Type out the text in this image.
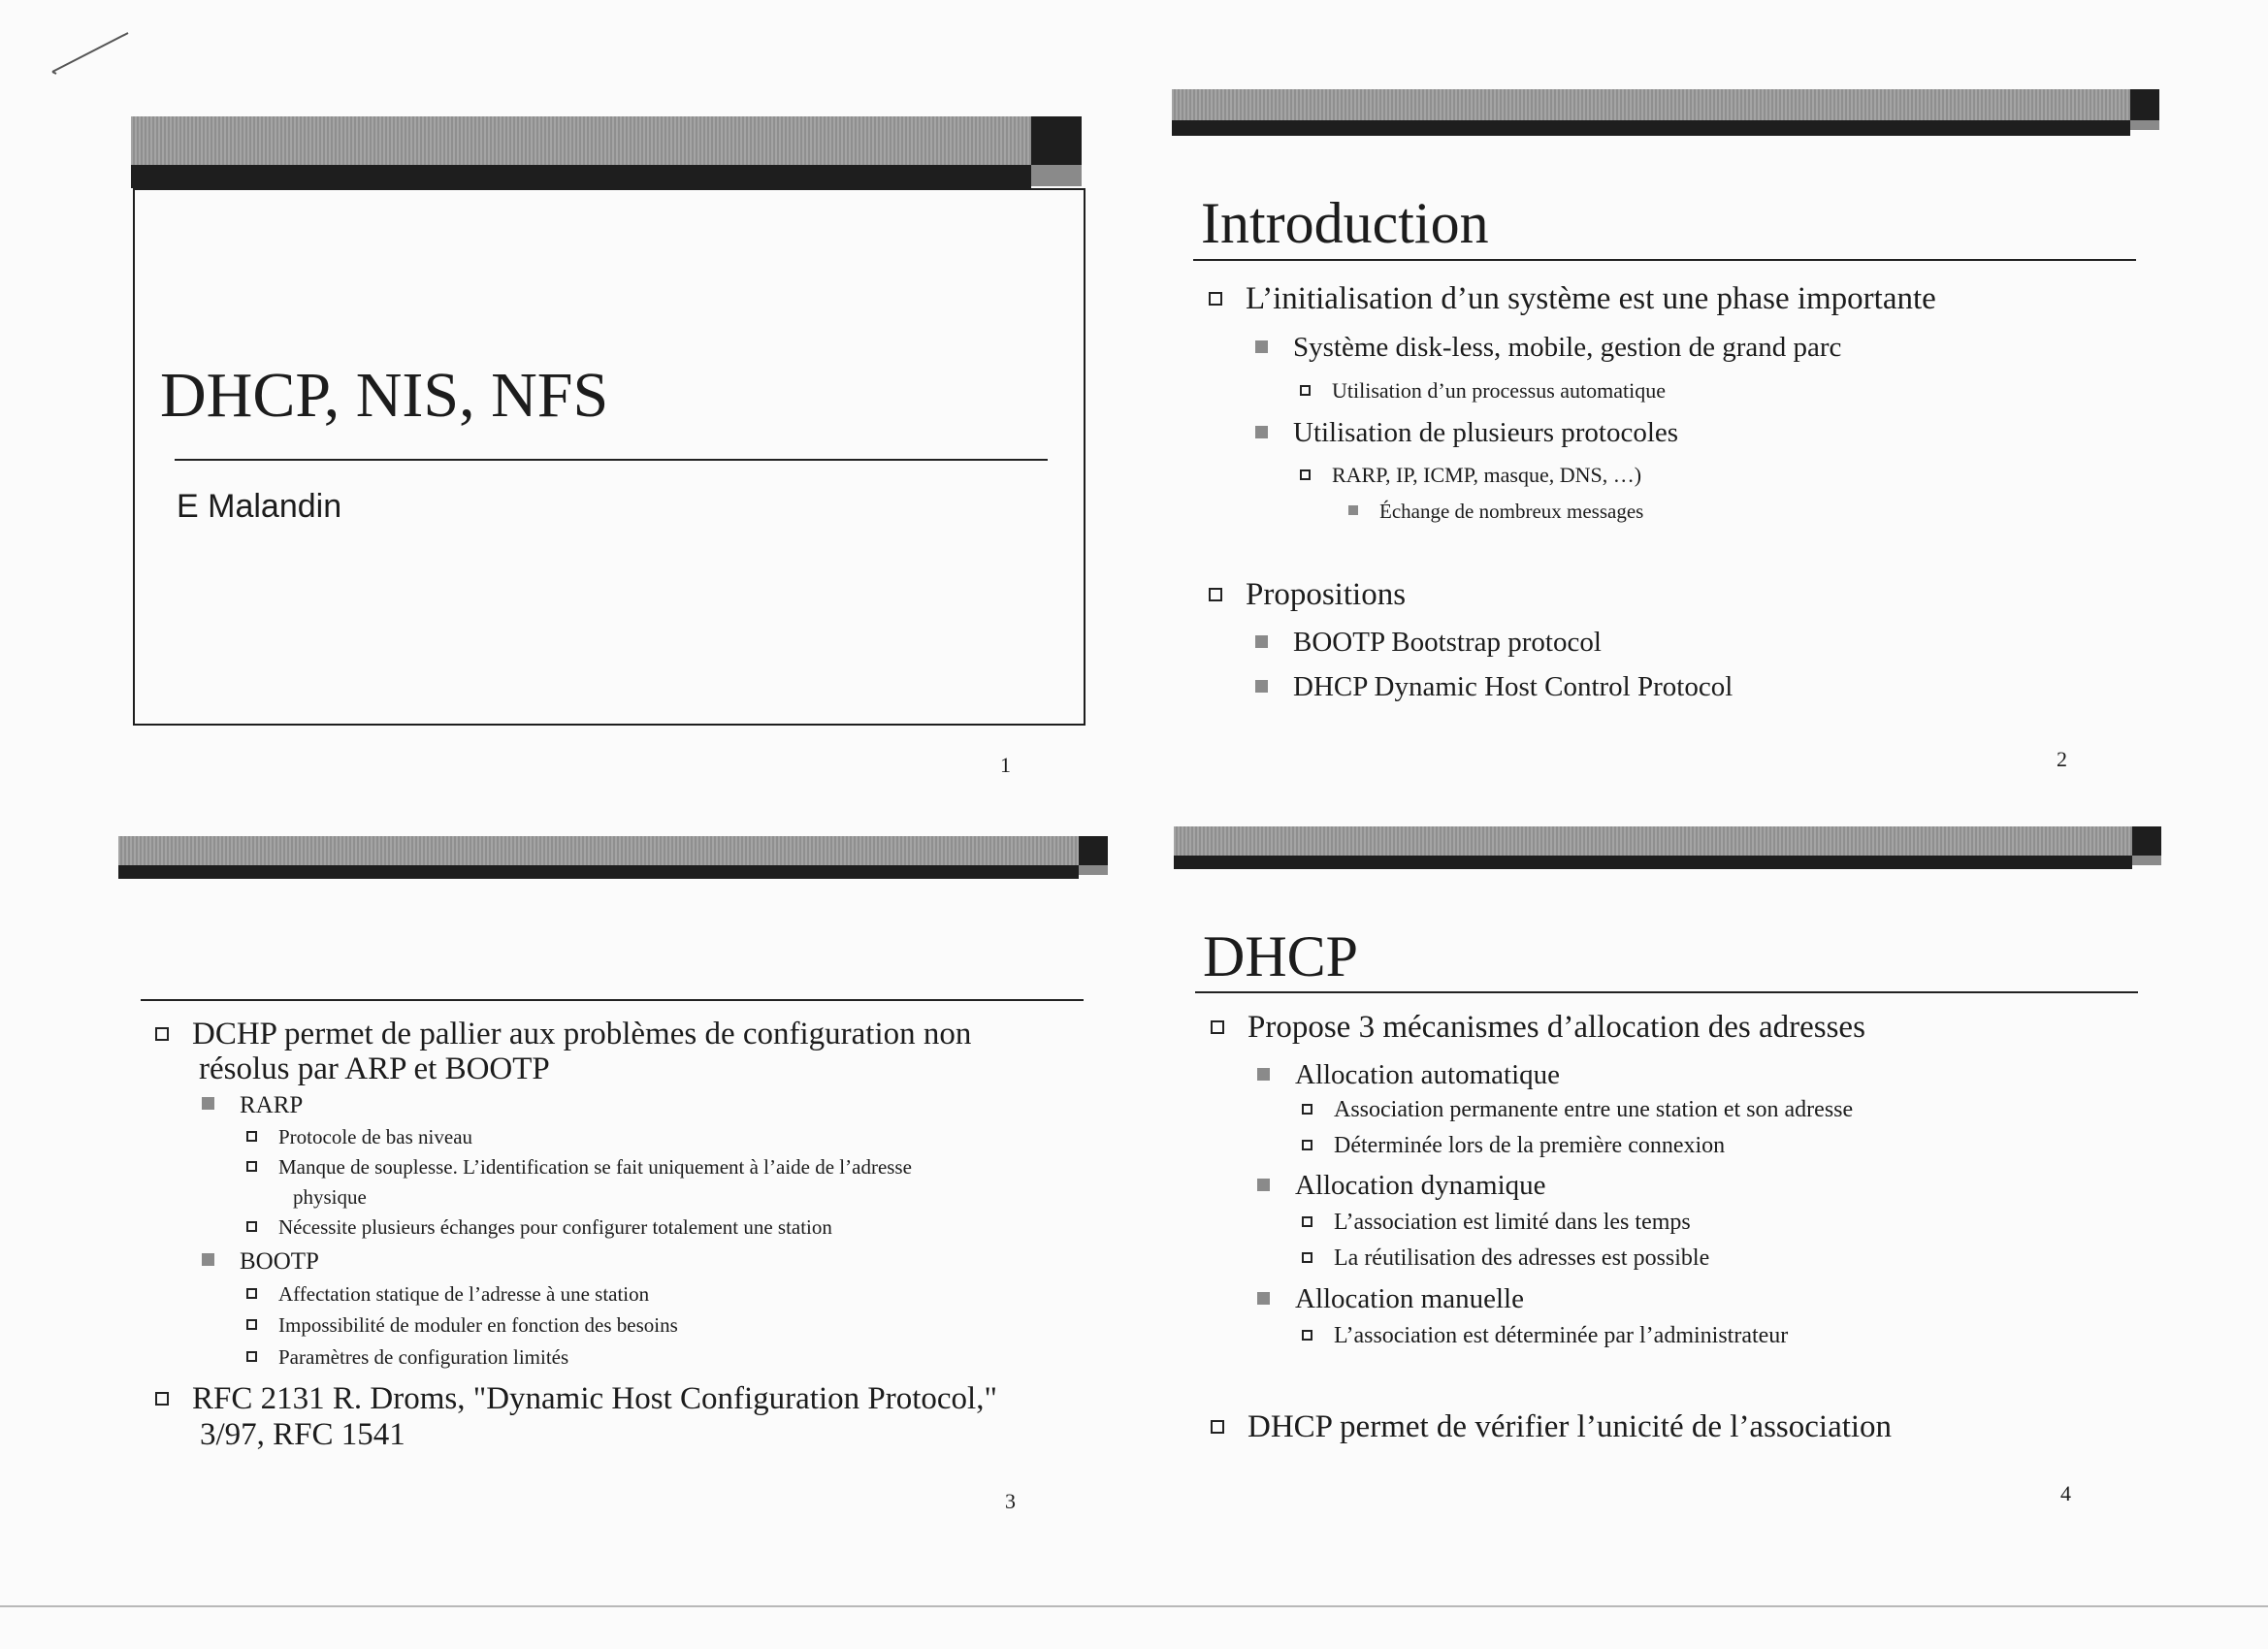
DHCP, NIS, NFS
E Malandin
1
Introduction
L’initialisation d’un système est une phase importante
Système disk-less, mobile, gestion de grand parc
Utilisation d’un processus automatique
Utilisation de plusieurs protocoles
RARP, IP, ICMP, masque, DNS, …)
Échange de nombreux messages
Propositions
BOOTP Bootstrap protocol
DHCP Dynamic Host Control Protocol
2
DCHP permet de pallier aux problèmes de configuration non
résolus par ARP et BOOTP
RARP
Protocole de bas niveau
Manque de souplesse. L’identification se fait uniquement à l’aide de l’adresse
physique
Nécessite plusieurs échanges pour configurer totalement une station
BOOTP
Affectation statique de l’adresse à une station
Impossibilité de moduler en fonction des besoins
Paramètres de configuration limités
RFC 2131 R. Droms, "Dynamic Host Configuration Protocol,"
3/97, RFC 1541
3
DHCP
Propose 3 mécanismes d’allocation des adresses
Allocation automatique
Association permanente entre une station et son adresse
Déterminée lors de la première connexion
Allocation dynamique
L’association est limité dans les temps
La réutilisation des adresses est possible
Allocation manuelle
L’association est déterminée par l’administrateur
DHCP permet de vérifier l’unicité de l’association
4
